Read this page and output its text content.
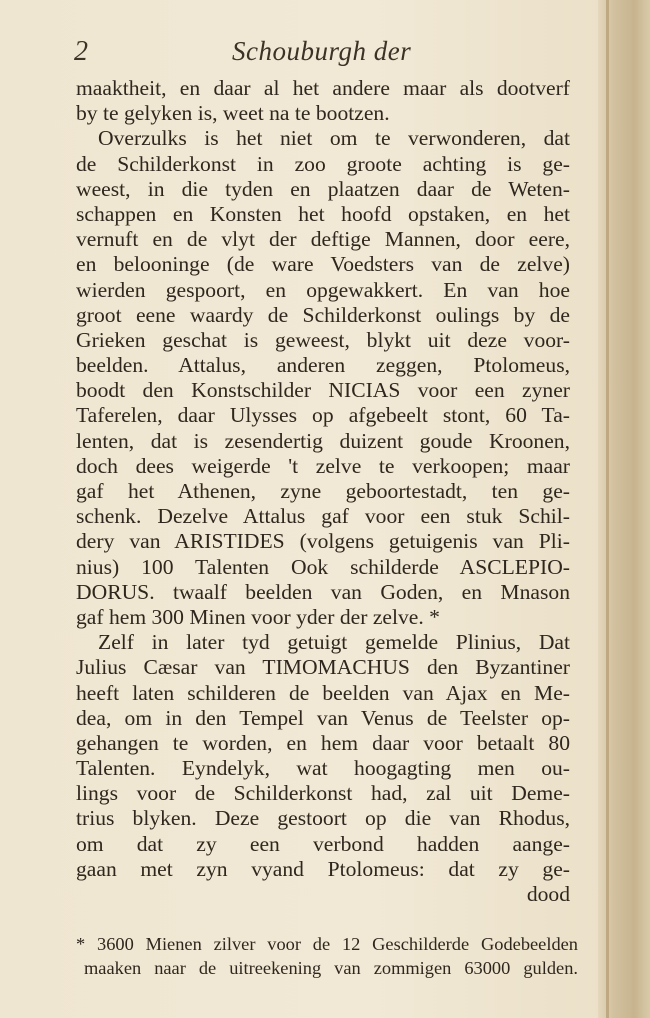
2	Schouburgh der
maaktheit, en daar al het andere maar als dootverf
by te gelyken is, weet na te bootzen.
Overzulks is het niet om te verwonderen, dat
de Schilderkonst in zoo groote achting is ge-
weest, in die tyden en plaatzen daar de Weten-
schappen en Konsten het hoofd opstaken, en het
vernuft en de vlyt der deftige Mannen, door eere,
en belooninge (de ware Voedsters van de zelve)
wierden gespoort, en opgewakkert. En van hoe
groot eene waardy de Schilderkonst oulings by de
Grieken geschat is geweest, blykt uit deze voor-
beelden. Attalus, anderen zeggen, Ptolomeus,
boodt den Konstschilder NICIAS voor een zyner
Taferelen, daar Ulysses op afgebeelt stont, 60 Ta-
lenten, dat is zesendertig duizent goude Kroonen,
doch dees weigerde 't zelve te verkoopen; maar
gaf het Athenen, zyne geboortestadt, ten ge-
schenk. Dezelve Attalus gaf voor een stuk Schil-
dery van ARISTIDES (volgens getuigenis van Pli-
nius) 100 Talenten Ook schilderde ASCLEPIO-
DORUS. twaalf beelden van Goden, en Mnason
gaf hem 300 Minen voor yder der zelve. *
Zelf in later tyd getuigt gemelde Plinius, Dat
Julius Cæsar van TIMOMACHUS den Byzantiner
heeft laten schilderen de beelden van Ajax en Me-
dea, om in den Tempel van Venus de Teelster op-
gehangen te worden, en hem daar voor betaalt 80
Talenten. Eyndelyk, wat hoogagting men ou-
lings voor de Schilderkonst had, zal uit Deme-
trius blyken. Deze gestoort op die van Rhodus,
om dat zy een verbond hadden aange-
gaan met zyn vyand Ptolomeus: dat zy ge-
dood
* 3600 Mienen zilver voor de 12 Geschilderde Godebeelden
maaken naar de uitreekening van zommigen 63000 gulden.
